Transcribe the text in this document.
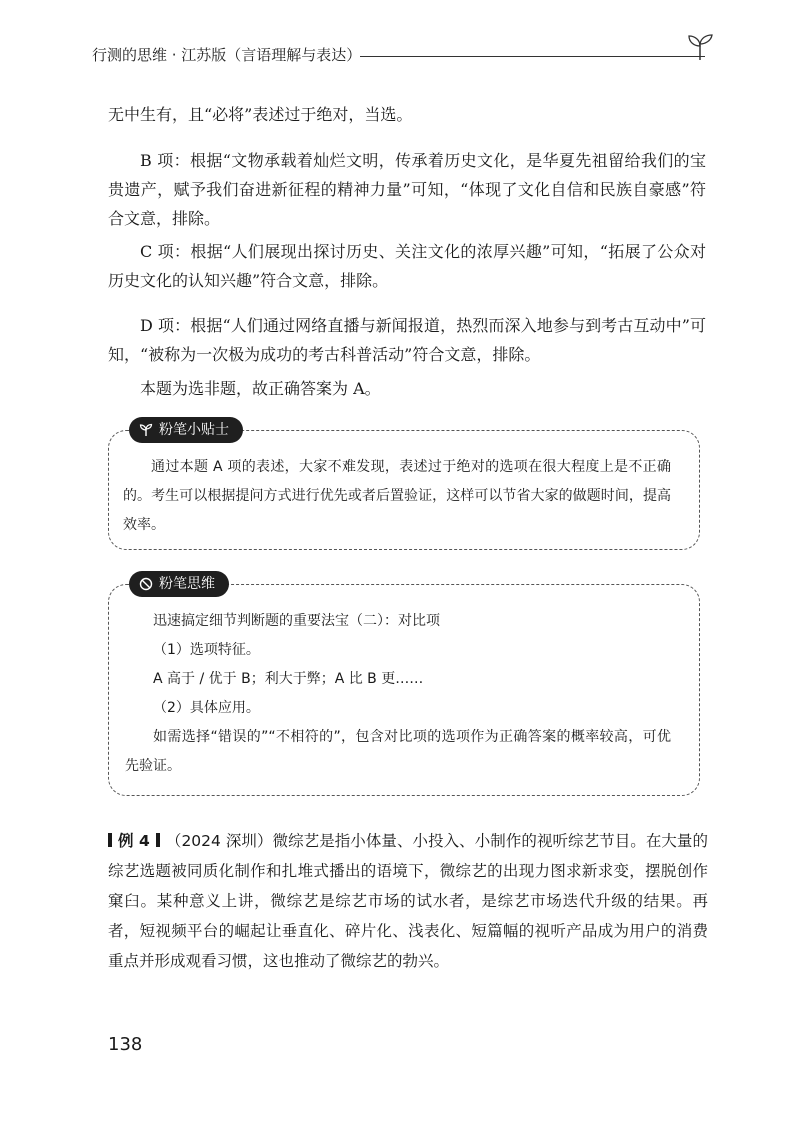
行测的思维 · 江苏版（言语理解与表达）

无中生有，且“必将”表述过于绝对，当选。

B 项：根据“文物承载着灿烂文明，传承着历史文化，是华夏先祖留给我们的宝贵遗产，赋予我们奋进新征程的精神力量”可知，“体现了文化自信和民族自豪感”符合文意，排除。

C 项：根据“人们展现出探讨历史、关注文化的浓厚兴趣”可知，“拓展了公众对历史文化的认知兴趣”符合文意，排除。

D 项：根据“人们通过网络直播与新闻报道，热烈而深入地参与到考古互动中”可知，“被称为一次极为成功的考古科普活动”符合文意，排除。

本题为选非题，故正确答案为 A。

粉笔小贴士

通过本题 A 项的表述，大家不难发现，表述过于绝对的选项在很大程度上是不正确的。考生可以根据提问方式进行优先或者后置验证，这样可以节省大家的做题时间，提高效率。

粉笔思维

迅速搞定细节判断题的重要法宝（二）：对比项

（1）选项特征。

A 高于 / 优于 B；利大于弊；A 比 B 更……

（2）具体应用。

如需选择“错误的”“不相符的”，包含对比项的选项作为正确答案的概率较高，可优先验证。

例 4 （2024 深圳）微综艺是指小体量、小投入、小制作的视听综艺节目。在大量的综艺选题被同质化制作和扎堆式播出的语境下，微综艺的出现力图求新求变，摆脱创作窠臼。某种意义上讲，微综艺是综艺市场的试水者，是综艺市场迭代升级的结果。再者，短视频平台的崛起让垂直化、碎片化、浅表化、短篇幅的视听产品成为用户的消费重点并形成观看习惯，这也推动了微综艺的勃兴。

138
